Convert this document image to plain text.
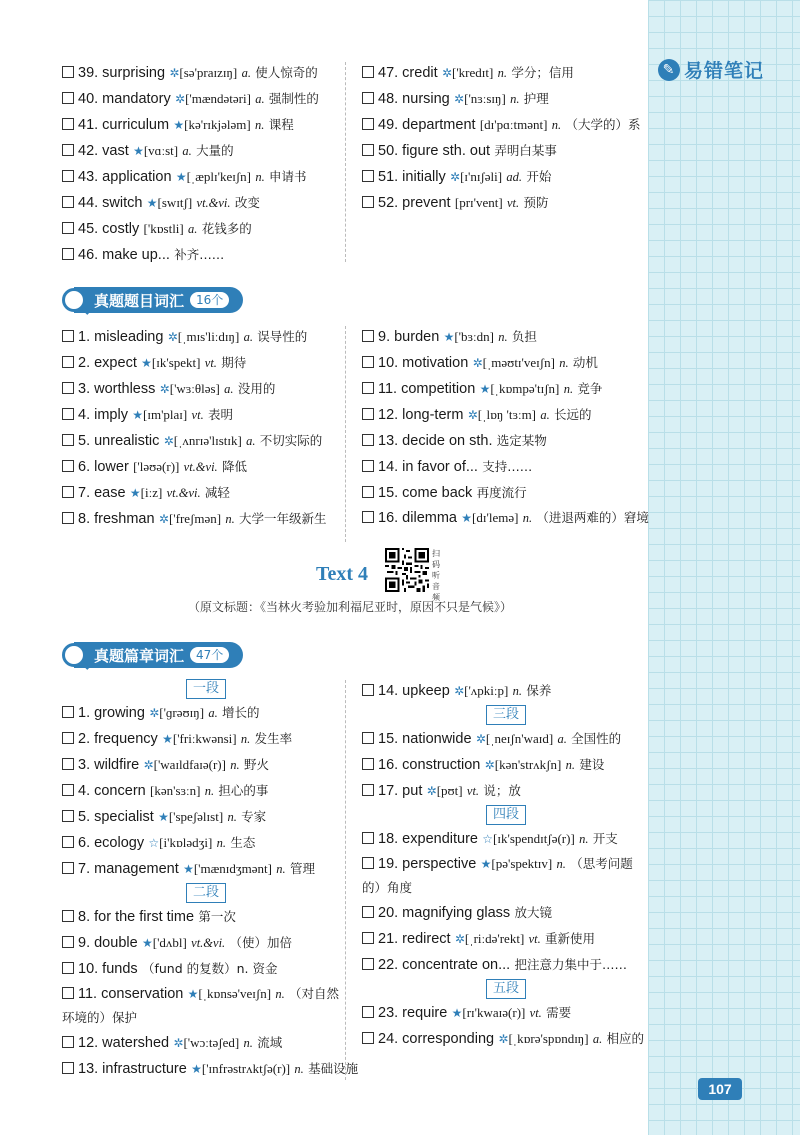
✎ 易错笔记
39. surprising ✲[sə'praɪzɪŋ] a. 使人惊奇的
40. mandatory ✲['mændətəri] a. 强制性的
41. curriculum ★[kə'rɪkjələm] n. 课程
42. vast ★[vɑːst] a. 大量的
43. application ★[ˌæplɪ'keɪʃn] n. 申请书
44. switch ★[swɪtʃ] vt.&vi. 改变
45. costly ['kɒstli] a. 花钱多的
46. make up... 补齐……
47. credit ✲['kredɪt] n. 学分；信用
48. nursing ✲['nɜːsɪŋ] n. 护理
49. department [dɪ'pɑːtmənt] n. （大学的）系
50. figure sth. out 弄明白某事
51. initially ✲[ɪ'nɪʃəli] ad. 开始
52. prevent [prɪ'vent] vt. 预防
真题题目词汇	16个
1. misleading ✲[ˌmɪs'liːdɪŋ] a. 误导性的
2. expect ★[ɪk'spekt] vt. 期待
3. worthless ✲['wɜːθləs] a. 没用的
4. imply ★[ɪm'plaɪ] vt. 表明
5. unrealistic ✲[ˌʌnrɪə'lɪstɪk] a. 不切实际的
6. lower ['ləʊə(r)] vt.&vi. 降低
7. ease ★[iːz] vt.&vi. 减轻
8. freshman ✲['freʃmən] n. 大学一年级新生
9. burden ★['bɜːdn] n. 负担
10. motivation ✲[ˌməʊtɪ'veɪʃn] n. 动机
11. competition ★[ˌkɒmpə'tɪʃn] n. 竞争
12. long-term ✲[ˌlɒŋ 'tɜːm] a. 长远的
13. decide on sth. 选定某物
14. in favor of... 支持……
15. come back 再度流行
16. dilemma ★[dɪ'lemə] n. （进退两难的）窘境
Text 4
扫码听音频
（原文标题：《当林火考验加利福尼亚时，原因不只是气候》）
真题篇章词汇	47个
一段
1. growing ✲['ɡrəʊɪŋ] a. 增长的
2. frequency ★['friːkwənsi] n. 发生率
3. wildfire ✲['waɪldfaɪə(r)] n. 野火
4. concern [kən'sɜːn] n. 担心的事
5. specialist ★['speʃəlɪst] n. 专家
6. ecology ☆[i'kɒlədʒi] n. 生态
7. management ★['mænɪdʒmənt] n. 管理
二段
8. for the first time 第一次
9. double ★['dʌbl] vt.&vi. （使）加倍
10. funds （fund 的复数）n. 资金
11. conservation ★[ˌkɒnsə'veɪʃn] n. （对自然环境的）保护
12. watershed ✲['wɔːtəʃed] n. 流域
13. infrastructure ★['ɪnfrəstrʌktʃə(r)] n. 基础设施
14. upkeep ✲['ʌpkiːp] n. 保养
三段
15. nationwide ✲[ˌneɪʃn'waɪd] a. 全国性的
16. construction ✲[kən'strʌkʃn] n. 建设
17. put ✲[pʊt] vt. 说；放
四段
18. expenditure ☆[ɪk'spendɪtʃə(r)] n. 开支
19. perspective ★[pə'spektɪv] n. （思考问题的）角度
20. magnifying glass 放大镜
21. redirect ✲[ˌriːdə'rekt] vt. 重新使用
22. concentrate on... 把注意力集中于……
五段
23. require ★[rɪ'kwaɪə(r)] vt. 需要
24. corresponding ✲[ˌkɒrə'spɒndɪŋ] a. 相应的
107
